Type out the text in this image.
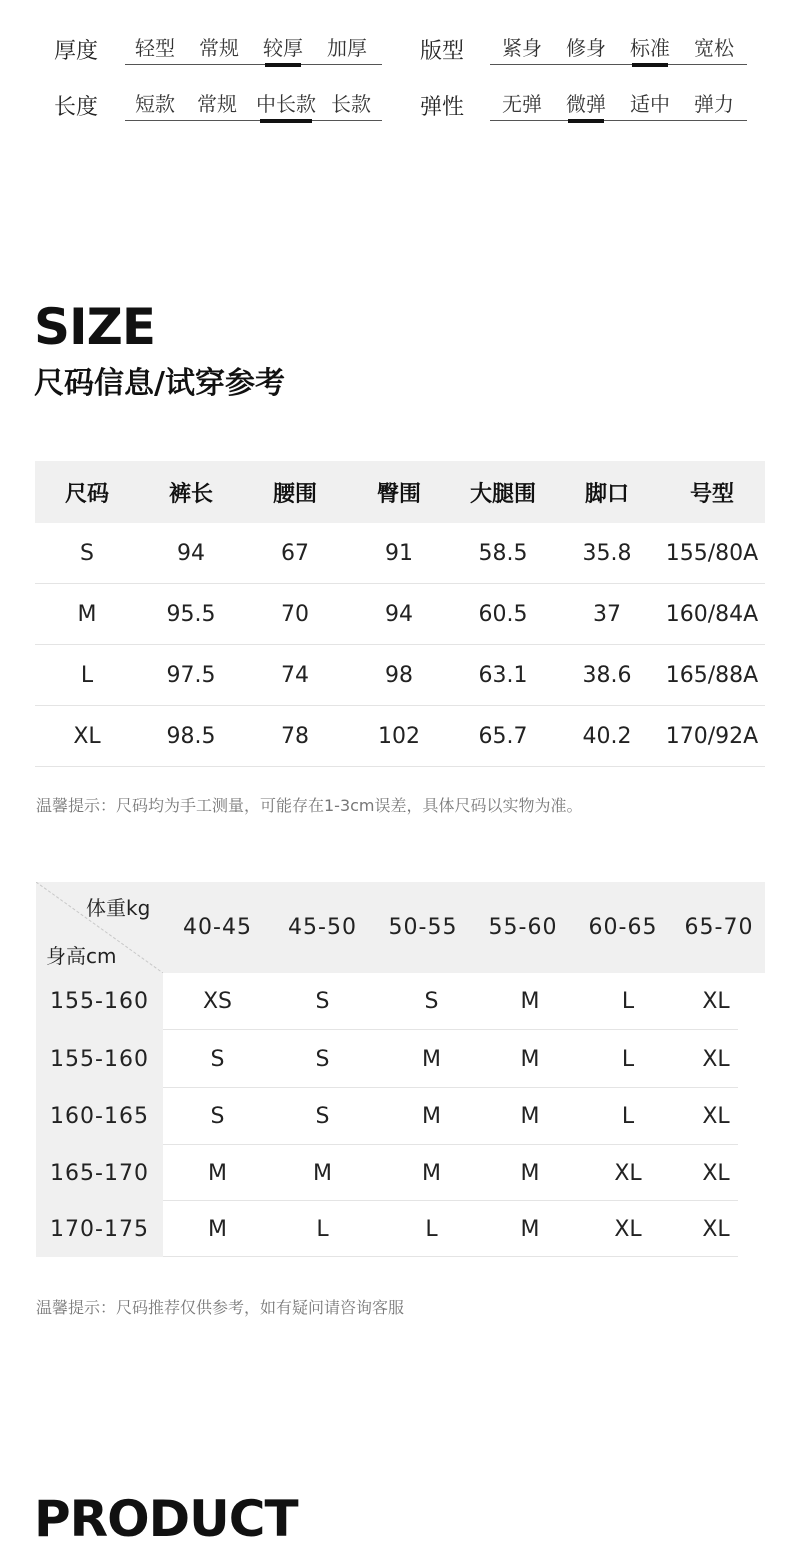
厚度	轻型	常规	较厚	加厚	版型	紧身	修身	标准	宽松
长度	短款	常规 中长款 长款	弹性	无弹	微弹	适中	弹力
SIZE
尺码信息/试穿参考
尺码	裤长	腰围	臀围	大腿围	脚口	号型
S	94	67	91	58.5	35.8	155/80A
M	95.5	70	94	60.5	37	160/84A
L	97.5	74	98	63.1	38.6	165/88A
XL	98.5	78	102	65.7	40.2	170/92A
温馨提示：尺码均为手工测量，可能存在1-3cm误差，具体尺码以实物为准。
体重kg
身高cm
40-45	45-50	50-55	55-60	60-65	65-70
155-160	XS	S	S	M	L	XL
155-160	S	S	M	M	L	XL
160-165	S	S	M	M	L	XL
165-170	M	M	M	M	XL	XL
170-175	M	L	L	M	XL	XL
温馨提示：尺码推荐仅供参考，如有疑问请咨询客服
PRODUCT
